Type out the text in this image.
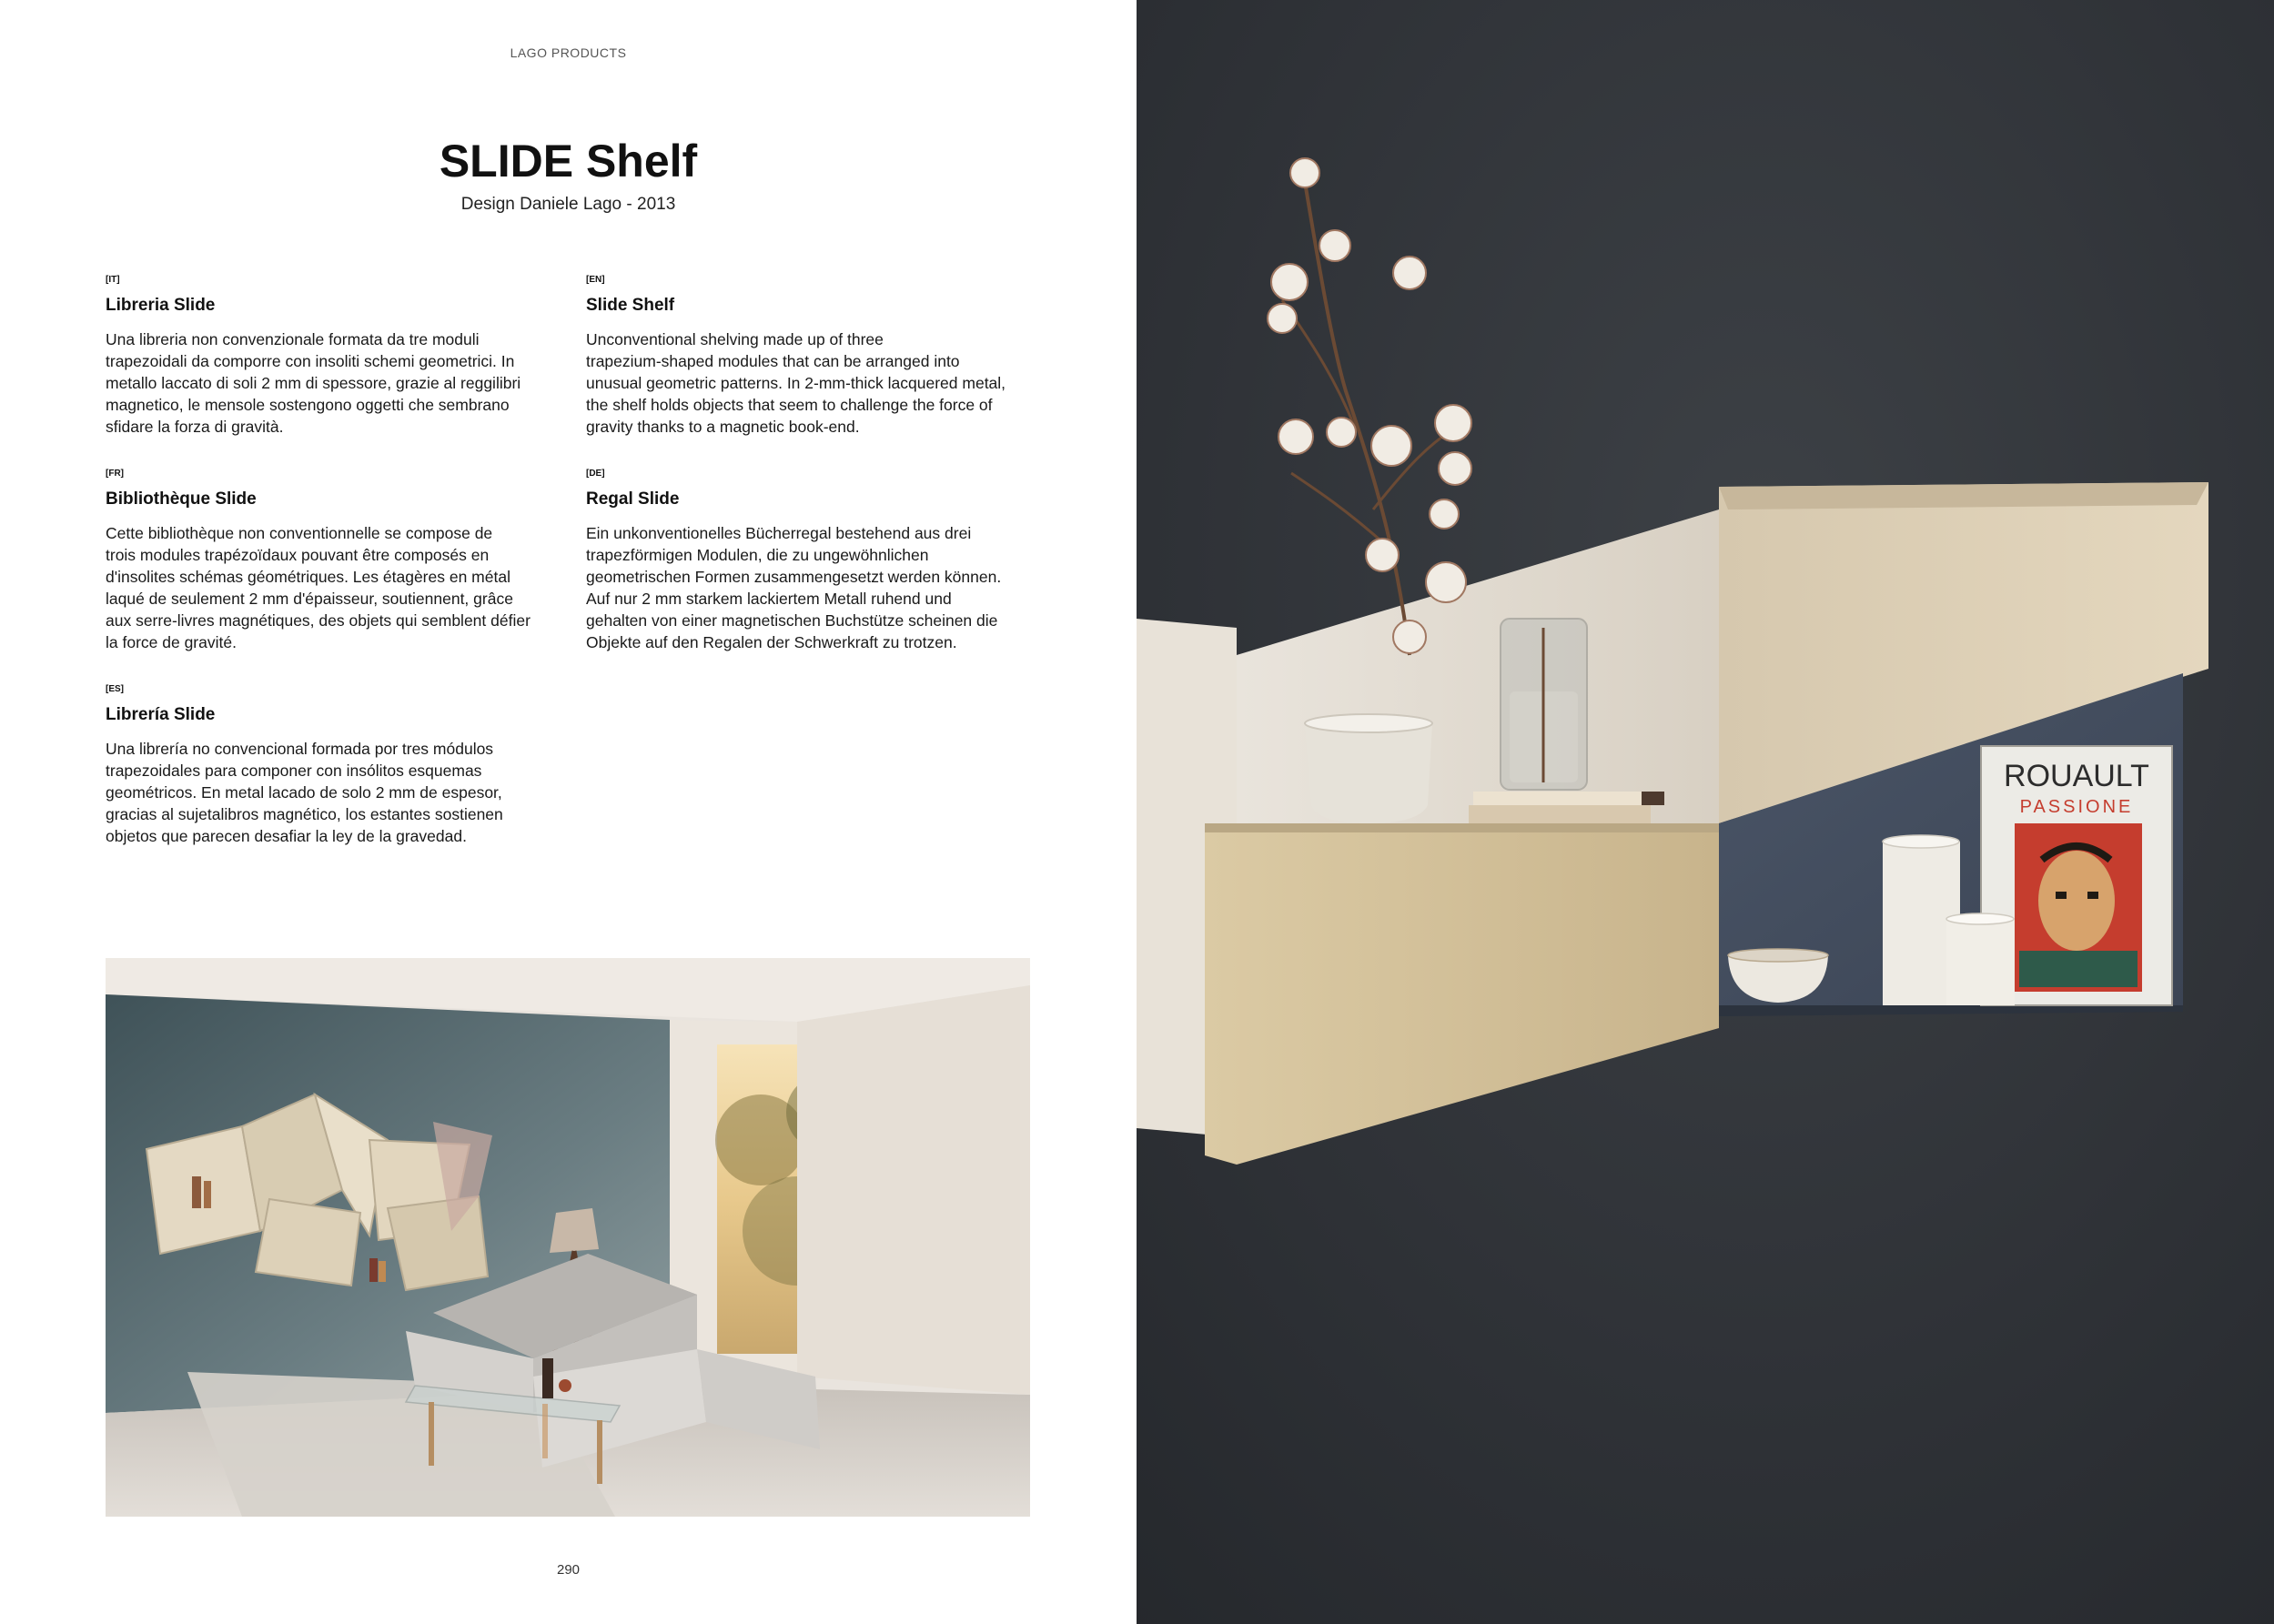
LAGO PRODUCTS
SLIDE Shelf
Design Daniele Lago - 2013
[IT]
Libreria Slide

Una libreria non convenzionale formata da tre moduli
trapezoidali da comporre con insoliti schemi geometrici. In
metallo laccato di soli 2 mm di spessore, grazie al reggilibri
magnetico, le mensole sostengono oggetti che sembrano
sfidare la forza di gravità.

[EN]
Slide Shelf

Unconventional shelving made up of three
trapezium-shaped modules that can be arranged into
unusual geometric patterns. In 2-mm-thick lacquered metal,
the shelf holds objects that seem to challenge the force of
gravity thanks to a magnetic book-end.

[FR]
Bibliothèque Slide

Cette bibliothèque non conventionnelle se compose de
trois modules trapézoïdaux pouvant être composés en
d'insolites schémas géométriques. Les étagères en métal
laqué de seulement 2 mm d'épaisseur, soutiennent, grâce
aux serre-livres magnétiques, des objets qui semblent défier
la force de gravité.

[DE]
Regal Slide

Ein unkonventionelles Bücherregal bestehend aus drei
trapezförmigen Modulen, die zu ungewöhnlichen
geometrischen Formen zusammengesetzt werden können.
Auf nur 2 mm starkem lackiertem Metall ruhend und
gehalten von einer magnetischen Buchstütze scheinen die
Objekte auf den Regalen der Schwerkraft zu trotzen.

[ES]
Librería Slide

Una librería no convencional formada por tres módulos
trapezoidales para componer con insólitos esquemas
geométricos. En metal lacado de solo 2 mm de espesor,
gracias al sujetalibros magnético, los estantes sostienen
objetos que parecen desafiar la ley de la gravedad.

290
ROUAULT
PASSIONE
